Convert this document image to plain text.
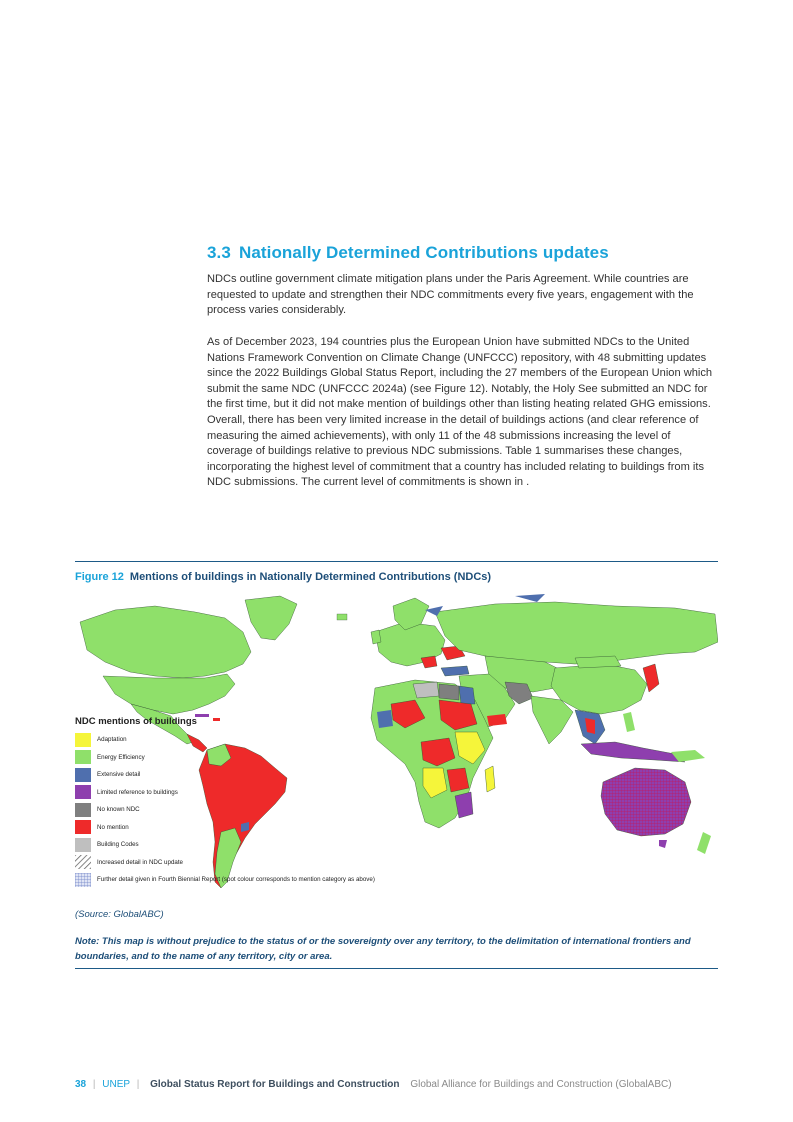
3.3 Nationally Determined Contributions updates

NDCs outline government climate mitigation plans under the Paris Agreement. While countries are requested to update and strengthen their NDC commitments every five years, engagement with the process varies considerably.

As of December 2023, 194 countries plus the European Union have submitted NDCs to the United Nations Framework Convention on Climate Change (UNFCCC) repository, with 48 submitting updates since the 2022 Buildings Global Status Report, including the 27 members of the European Union which submit the same NDC (UNFCCC 2024a) (see Figure 12). Notably, the Holy See submitted an NDC for the first time, but it did not make mention of buildings other than listing heating related GHG emissions. Overall, there has been very limited increase in the detail of buildings actions (and clear reference of measuring the aimed achievements), with only 11 of the 48 submissions increasing the level of coverage of buildings relative to previous NDC submissions. Table 1 summarises these changes, incorporating the highest level of commitment that a country has included relating to buildings from its NDC submissions. The current level of commitments is shown in .

Figure 12 Mentions of buildings in Nationally Determined Contributions (NDCs)
NDC mentions of buildings
Adaptation
Energy Efficiency
Extensive detail
Limited reference to buildings
No known NDC
No mention
Building Codes
Increased detail in NDC update
Further detail given in Fourth Biennial Report (spot colour corresponds to mention category as above)
(Source: GlobalABC)
Note: This map is without prejudice to the status of or the sovereignty over any territory, to the delimitation of international frontiers and boundaries, and to the name of any territory, city or area.
38 | UNEP | Global Status Report for Buildings and Construction Global Alliance for Buildings and Construction (GlobalABC)
